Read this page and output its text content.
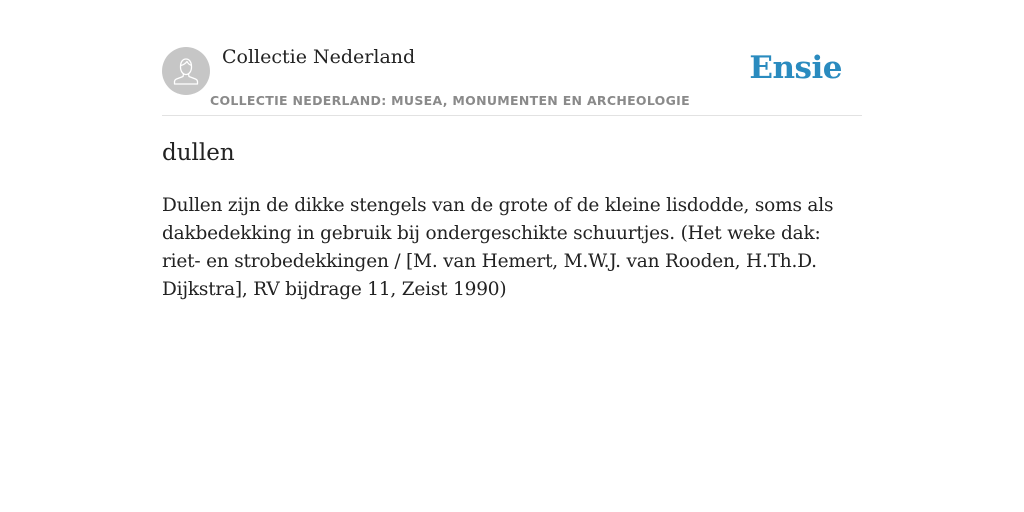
Collectie Nederland
COLLECTIE NEDERLAND: MUSEA, MONUMENTEN EN ARCHEOLOGIE
Ensie
dullen

Dullen zijn de dikke stengels van de grote of de kleine lisdodde, soms als dakbedekking in gebruik bij ondergeschikte schuurtjes. (Het weke dak: riet- en strobedekkingen / [M. van Hemert, M.W.J. van Rooden, H.Th.D. Dijkstra], RV bijdrage 11, Zeist 1990)
